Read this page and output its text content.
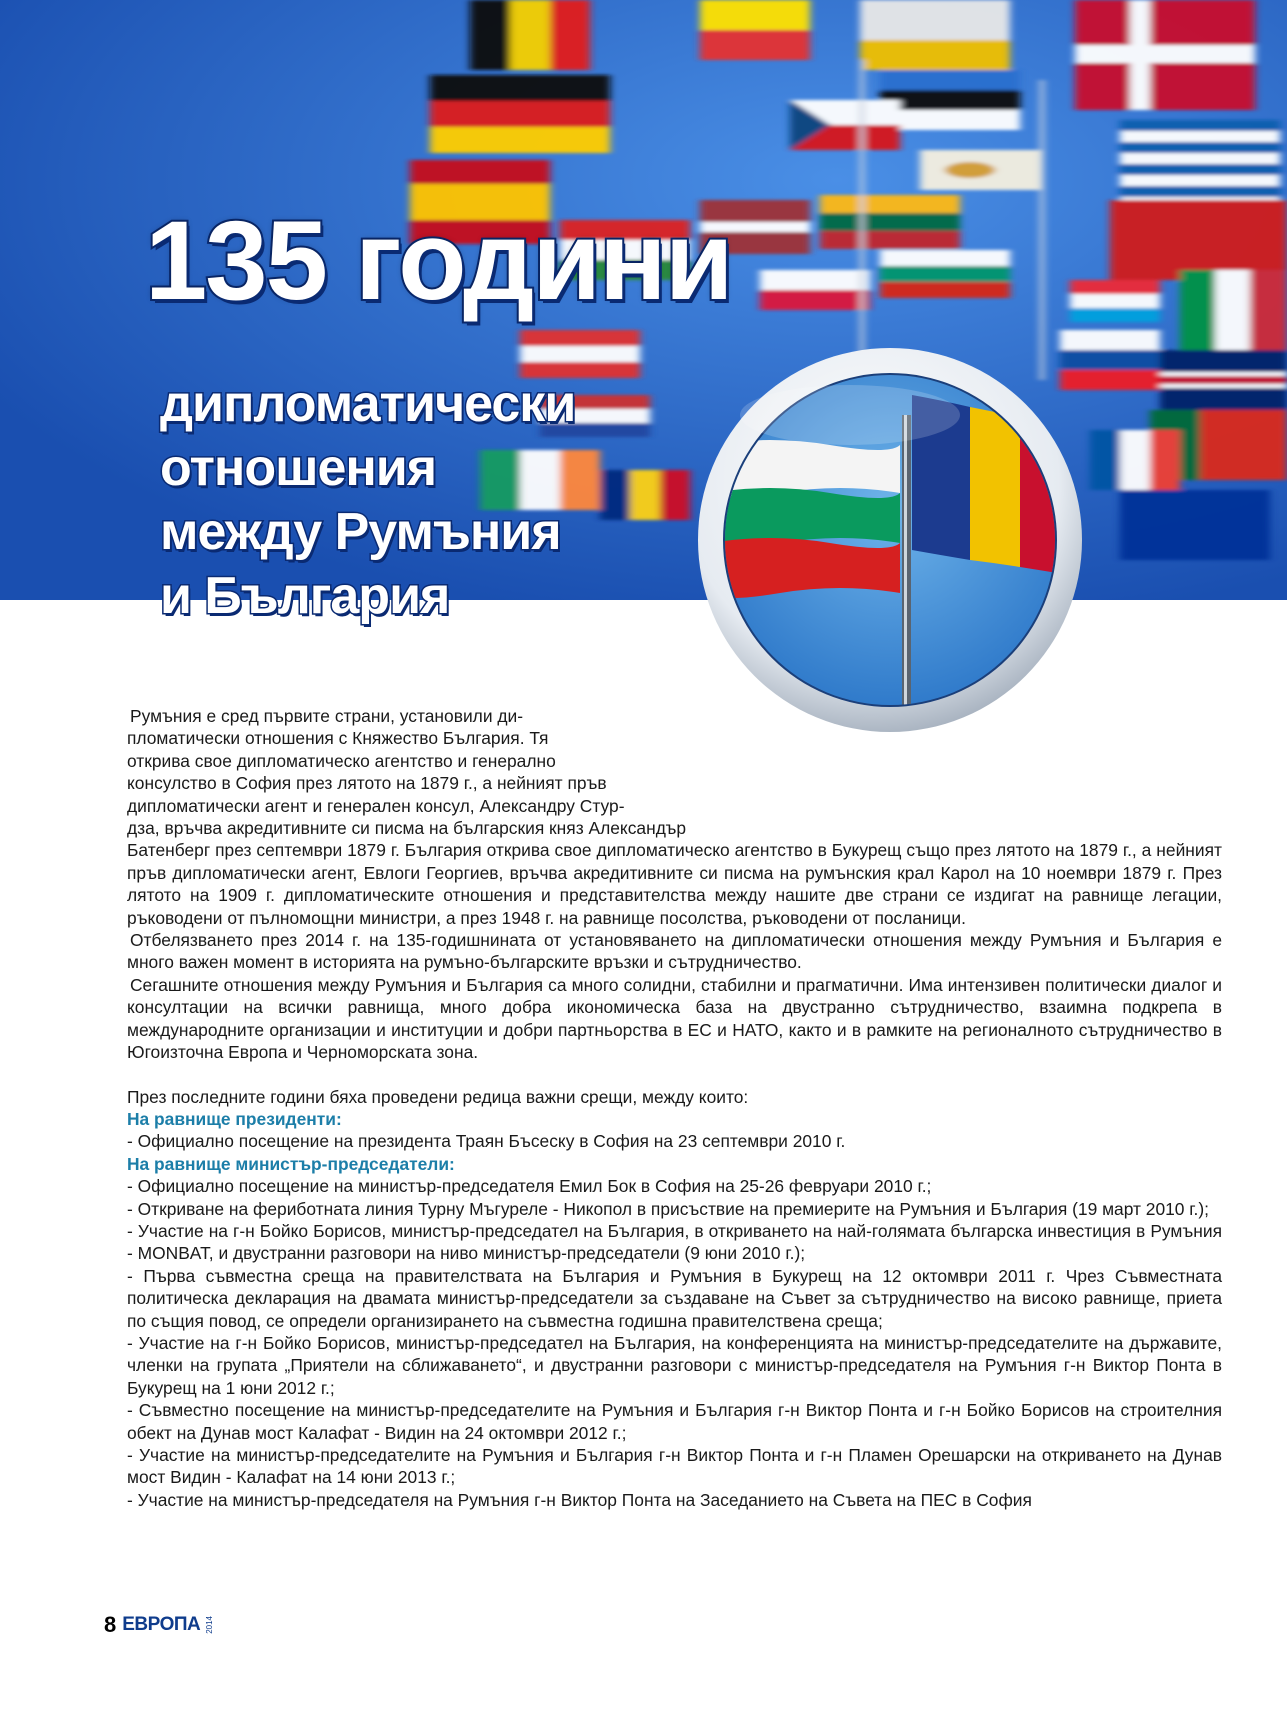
135 години
дипломатически
отношения
между Румъния
и България

Румъния е сред първите страни, установили ди-

пломатически отношения с Княжество България. Тя

открива свое дипломатическо агентство и генерално

консулство в София през лятото на 1879 г., а нейният пръв

дипломатически агент и генерален консул, Александру Стур-

дза, връчва акредитивните си писма на българския княз Александър

Батенберг през септември 1879 г. България открива свое дипломатическо агентство в Букурещ също през лятото на 1879 г., а нейният пръв дипломатически агент, Евлоги Георгиев, връчва акредитивните си писма на румънския крал Карол на 10 ноември 1879 г. През лятото на 1909 г. дипломатическите отношения и представителства между нашите две страни се издигат на равнище легации, ръководени от пълномощни министри, а през 1948 г. на равнище посолства, ръководени от посланици.

Отбелязването през 2014 г. на 135-годишнината от установяването на дипломатически отношения между Румъния и България е много важен момент в историята на румъно-българските връзки и сътрудничество.

Сегашните отношения между Румъния и България са много солидни, стабилни и прагматични. Има интензивен политически диалог и консултации на всички равнища, много добра икономическа база на двустранно сътрудничество, взаимна подкрепа в международните организации и институции и добри партньорства в ЕС и НАТО, както и в рамките на регионалното сътрудничество в Югоизточна Европа и Черноморската зона.

През последните години бяха проведени редица важни срещи, между които:

На равнище президенти:

- Официално посещение на президента Траян Бъсеску в София на 23 септември 2010 г.

На равнище министър-председатели:

- Официално посещение на министър-председателя Емил Бок в София на 25-26 февруари 2010 г.;

- Откриване на фериботната линия Турну Мъгуреле - Никопол в присъствие на премиерите на Румъния и България (19 март 2010 г.);

- Участие на г-н Бойко Борисов, министър-председател на България, в откриването на най-голямата българска инвестиция в Румъния - MONBAT, и двустранни разговори на ниво министър-председатели (9 юни 2010 г.);

- Първа съвместна среща на правителствата на България и Румъния в Букурещ на 12 октомври 2011 г. Чрез Съвместната политическа декларация на двамата министър-председатели за създаване на Съвет за сътрудничество на високо равнище, приета по същия повод, се определи организирането на съвместна годишна правителствена среща;

- Участие на г-н Бойко Борисов, министър-председател на България, на конференцията на министър-председателите на държавите, членки на групата „Приятели на сближаването“, и двустранни разговори с министър-председателя на Румъния г-н Виктор Понта в Букурещ на 1 юни 2012 г.;

- Съвместно посещение на министър-председателите на Румъния и България г-н Виктор Понта и г-н Бойко Борисов на строителния обект на Дунав мост Калафат - Видин на 24 октомври 2012 г.;

- Участие на министър-председателите на Румъния и България г-н Виктор Понта и г-н Пламен Орешарски на откриването на Дунав мост Видин - Калафат на 14 юни 2013 г.;

- Участие на министър-председателя на Румъния г-н Виктор Понта на Заседанието на Съвета на ПЕС в София

8 ЕВРОПА 2014
